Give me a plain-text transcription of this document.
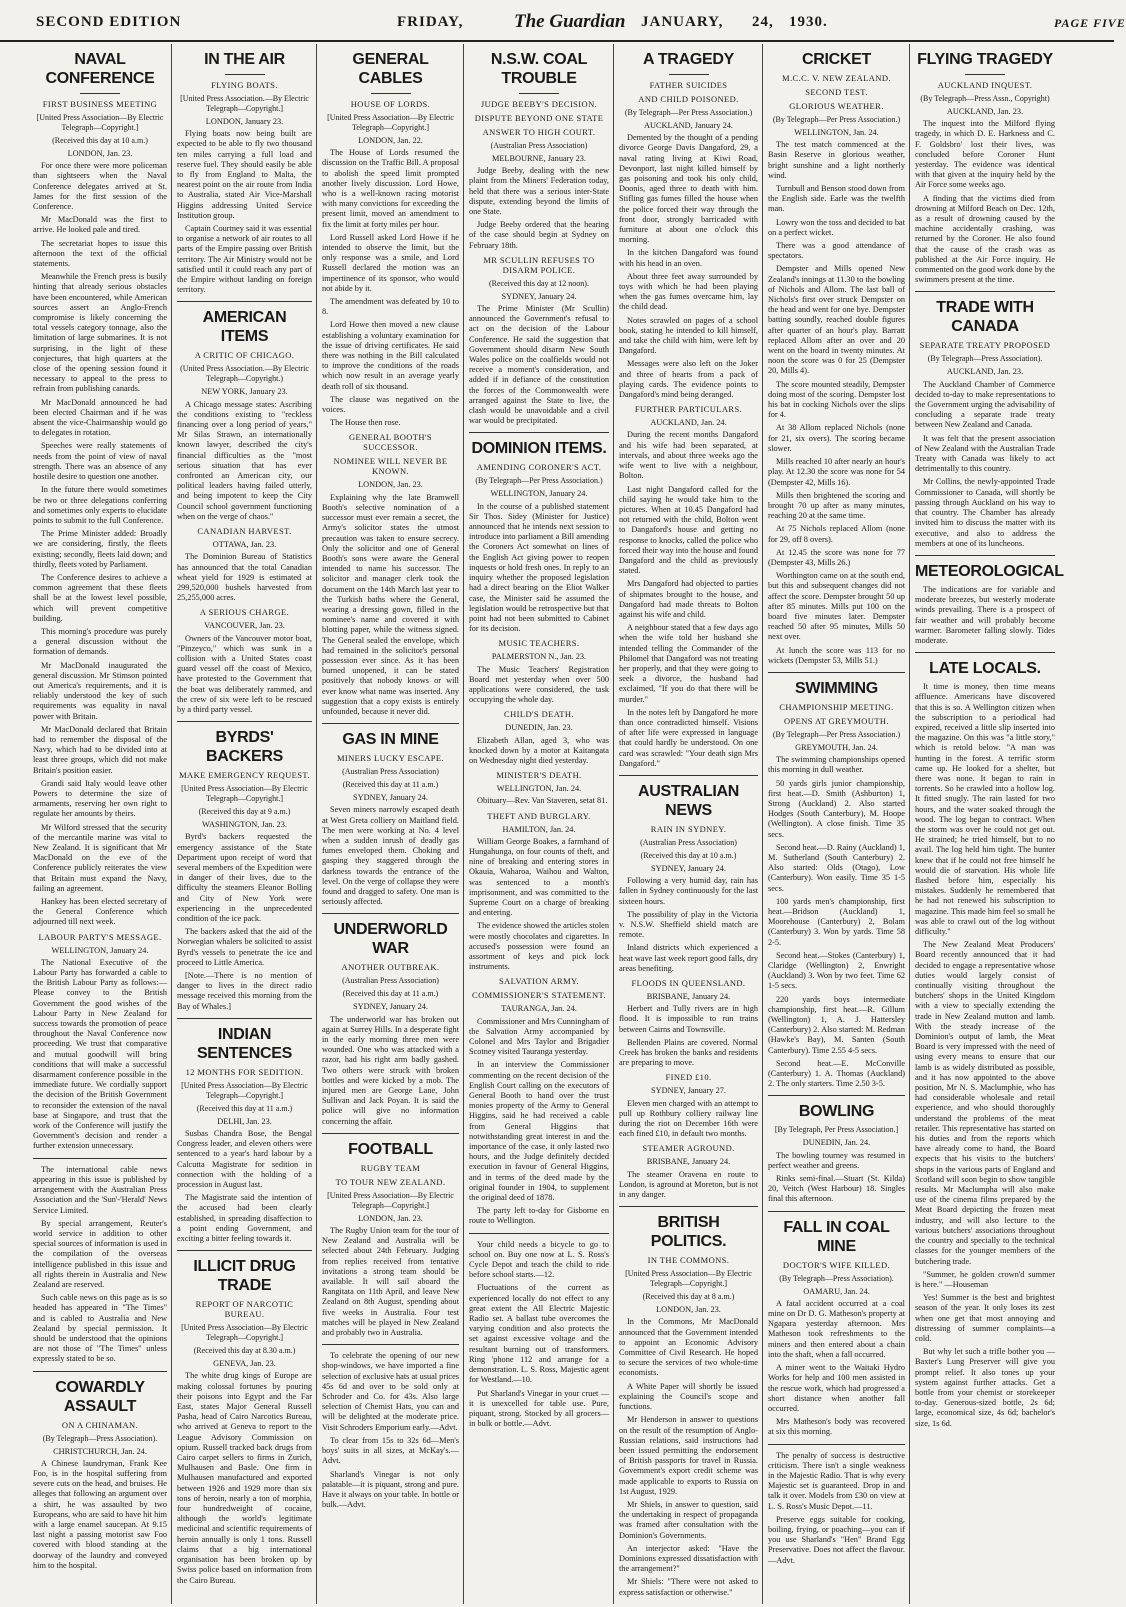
SECOND EDITION	FRIDAY,	The Guardian JANUARY, 24, 1930.	PAGE FIVE
NAVAL CONFERENCE
FIRST BUSINESS MEETING
[United Press Association—By Electric Telegraph—Copyright.]
(Received this day at 10 a.m.)
LONDON, Jan. 23.

For once there were more policeman than sightseers when the Naval Conference delegates arrived at St. James for the first session of the Conference.

Mr MacDonald was the first to arrive. He looked pale and tired.

The secretariat hopes to issue this afternoon the text of the official statements.

Meanwhile the French press is busily hinting that already serious obstacles have been encountered, while American sources assert an Anglo-French compromise is likely concerning the total vessels category tonnage, also the limitation of large submarines. It is not surprising, in the light of these conjectures, that high quarters at the close of the opening session found it necessary to appeal to the press to refrain from publishing canards.

Mr MacDonald announced he had been elected Chairman and if he was absent the vice-Chairmanship would go to delegates in rotation.

Speeches were really statements of needs from the point of view of naval strength. There was an absence of any hostile desire to question one another.

In the future there would sometimes be two or three delegations conferring and sometimes only experts to elucidate points to submit to the full Conference.

The Prime Minister added: Broadly we are considering, firstly, the fleets existing; secondly, fleets laid down; and thirdly, fleets voted by Parliament.

The Conference desires to achieve a common agreement that these fleets shall be at the lowest level possible, which will prevent competitive building.

This morning's procedure was purely a general discussion without the formation of demands.

Mr MacDonald inaugurated the general discussion. Mr Stimson pointed out America's requirements, and it is reliably understood the key of such requirements was equality in naval power with Britain.

Mr MacDonald declared that Britain had to remember the disposal of the Navy, which had to be divided into at least three groups, which did not make Britain's position easier.

Grandi said Italy would leave other Powers to determine the size of armaments, reserving her own right to regulate her amounts by theirs.

Mr Wilford stressed that the security of the mercantile marine was vital to New Zealand. It is significant that Mr MacDonald on the eve of the Conference publicly reiterates the view that Britain must expand the Navy, failing an agreement.

Hankey has been elected secretary of the General Conference which adjourned till next week.

LABOUR PARTY'S MESSAGE.
WELLINGTON, January 24.

The National Executive of the Labour Party has forwarded a cable to the British Labour Party as follows:— Please convey to the British Government the good wishes of the Labour Party in New Zealand for success towards the promotion of peace throughout the Naval Conference now proceeding. We trust that comparative and mutual goodwill will bring conditions that will make a successful disarmament conference possible in the immediate future. We cordially support the decision of the British Government to reconsider the extension of the naval base at Singapore, and trust that the work of the Conference will justify the Government's decision and render a further extension unnecessary.

The international cable news appearing in this issue is published by arrangement with the Australian Press Association and the 'Sun'-'Herald' News Service Limited.

By special arrangement, Reuter's world service in addition to other special sources of information is used in the compilation of the overseas intelligence published in this issue and all rights therein in Australia and New Zealand are reserved.

Such cable news on this page as is so headed has appeared in "The Times" and is cabled to Australia and New Zealand by special permission. It should be understood that the opinions are not those of "The Times" unless expressly stated to be so.

COWARDLY ASSAULT
ON A CHINAMAN.
(By Telegraph—Press Association).
CHRISTCHURCH, Jan. 24.

A Chinese laundryman, Frank Kee Foo, is in the hospital suffering from severe cuts on the head, and bruises. He alleges that following an argument over a shirt, he was assaulted by two Europeans, who are said to have hit him with a large enamel saucepan. At 9.15 last night a passing motorist saw Foo covered with blood standing at the doorway of the laundry and conveyed him to the hospital.

IN THE AIR
FLYING BOATS.
[United Press Association.—By Electric Telegraph—Copyright.]
LONDON, January 23.

Flying boats now being built are expected to be able to fly two thousand ten miles carrying a full load and reserve fuel. They should easily be able to fly from England to Malta, the nearest point on the air route from India to Australia, stated Air Vice-Marshall Higgins addressing United Service Institution group.

Captain Courtney said it was essential to organise a network of air routes to all parts of the Empire passing over British territory. The Air Ministry would not be satisfied until it could reach any part of the Empire without landing on foreign territory.

AMERICAN ITEMS
A CRITIC OF CHICAGO.
(United Press Association.—By Electric Telegraph—Copyright.)
NEW YORK, January 23.

A Chicago message states: Ascribing the conditions existing to "reckless financing over a long period of years," Mr Silas Strawn, an internationally known lawyer, described the city's financial difficulties as the "most serious situation that has ever confronted an American city, our political leaders having failed utterly, and being impotent to keep the City Council school government functioning when on the verge of chaos."

CANADIAN HARVEST.
OTTAWA, Jan. 23.

The Dominion Bureau of Statistics has announced that the total Canadian wheat yield for 1929 is estimated at 299,520,000 bushels harvested from 25,255,000 acres.

A SERIOUS CHARGE.
VANCOUVER, Jan. 23.

Owners of the Vancouver motor boat, "Pinzeyco," which was sunk in a collision with a United States coast guard vessel off the coast of Mexico, have protested to the Government that the boat was deliberately rammed, and the crew of six were left to be rescued by a third party vessel.

BYRDS' BACKERS
MAKE EMERGENCY REQUEST.
[United Press Association—By Electric Telegraph—Copyright.]
(Received this day at 9 a.m.)
WASHINGTON, Jan. 23.

Byrd's backers requested the emergency assistance of the State Department upon receipt of word that several members of the Expedition were in danger of their lives, due to the difficulty the steamers Eleanor Bolling and City of New York were experiencing in the unprecedented condition of the ice pack.

The backers asked that the aid of the Norwegian whalers be solicited to assist Byrd's vessels to penetrate the ice and proceed to Little America.

[Note.—There is no mention of danger to lives in the direct radio message received this morning from the Bay of Whales.]

INDIAN SENTENCES
12 MONTHS FOR SEDITION.
[United Press Association—By Electric Telegraph—Copyright.]
(Received this day at 11 a.m.)
DELHI, Jan. 23.

Susbas Chandra Bose, the Bengal Congress leader, and eleven others were sentenced to a year's hard labour by a Calcutta Magistrate for sedition in connection with the holding of a procession in August last.

The Magistrate said the intention of the accused had been clearly established, in spreading disaffection to a point ending Government, and exciting a bitter feeling towards it.

ILLICIT DRUG TRADE
REPORT OF NARCOTIC BUREAU.
[United Press Association—By Electric Telegraph—Copyright.]
(Received this day at 8.30 a.m.)
GENEVA, Jan. 23.

The white drug kings of Europe are making colossal fortunes by pouring their poisons into Egypt and the Far East, states Major General Russell Pasha, head of Cairo Narcotics Bureau, who arrived at Geneva to report to the League Advisory Commission on opium. Russell tracked back drugs from Cairo carpet sellers to firms in Zurich, Mulhausen and Basle. One firm in Mulhausen manufactured and exported between 1926 and 1929 more than six tons of heroin, nearly a ton of morphia, four hundredweight of cocaine, although the world's legitimate medicinal and scientific requirements of heroin annually is only 1 tons. Russell claims that a big international organisation has been broken up by Swiss police based on information from the Cairo Bureau.

GENERAL CABLES
HOUSE OF LORDS.
[United Press Association—By Electric Telegraph—Copyright.]
LONDON, Jan. 22.

The House of Lords resumed the discussion on the Traffic Bill. A proposal to abolish the speed limit prompted another lively discussion. Lord Howe, who is a well-known racing motorist with many convictions for exceeding the present limit, moved an amendment to fix the limit at forty miles per hour.

Lord Russell asked Lord Howe if he intended to observe the limit, but the only response was a smile, and Lord Russell declared the motion was an impertinence of its sponsor, who would not abide by it.

The amendment was defeated by 10 to 8.

Lord Howe then moved a new clause establishing a voluntary examination for the issue of driving certificates. He said there was nothing in the Bill calculated to improve the conditions of the roads which now result in an average yearly death roll of six thousand.

The clause was negatived on the voices.

The House then rose.

GENERAL BOOTH'S SUCCESSOR.
NOMINEE WILL NEVER BE KNOWN.
LONDON, Jan. 23.

Explaining why the late Bramwell Booth's selective nomination of a successor must ever remain a secret, the Army's solicitor states the utmost precaution was taken to ensure secrecy. Only the solicitor and one of General Booth's sons were aware the General intended to name his successor. The solicitor and manager clerk took the document on the 14th March last year to the Turkish baths where the General, wearing a dressing gown, filled in the nominee's name and covered it with blotting paper, while the witness signed. The General sealed the envelope, which had remained in the solicitor's personal possession ever since. As it has been burned unopened, it can be stated positively that nobody knows or will ever know what name was inserted. Any suggestion that a copy exists is entirely unfounded, because it never did.

GAS IN MINE
MINERS LUCKY ESCAPE.
(Australian Press Association)
(Received this day at 11 a.m.)
SYDNEY, January 24.

Seven miners narrowly escaped death at West Greta colliery on Maitland field. The men were working at No. 4 level when a sudden inrush of deadly gas fumes enveloped them. Choking and gasping they staggered through the darkness towards the entrance of the level. On the verge of collapse they were found and dragged to safety. One man is seriously affected.

UNDERWORLD WAR
ANOTHER OUTBREAK.
(Australian Press Association)
(Received this day at 11 a.m.)
SYDNEY, January 24.

The underworld war has broken out again at Surrey Hills. In a desperate fight in the early morning three men were wounded. One who was attacked with a razor, had his right arm badly gashed. Two others were struck with broken bottles and were kicked by a mob. The injured men are George Lane, John Sullivan and Jack Poyan. It is said the police will give no information concerning the affair.

FOOTBALL
RUGBY TEAM
TO TOUR NEW ZEALAND.
[United Press Association—By Electric Telegraph—Copyright.]
LONDON, Jan. 23.

The Rugby Union team for the tour of New Zealand and Australia will be selected about 24th February. Judging from replies received from tentative invitations a strong team should be available. It will sail aboard the Rangitata on 11th April, and leave New Zealand on 8th August, spending about five weeks in Australia. Four test matches will be played in New Zealand and probably two in Australia.

To celebrate the opening of our new shop-windows, we have imported a fine selection of exclusive hats at usual prices 45s 6d and over to be sold only at Schroder and Co. for 43s. Also large selection of Chemist Hats, you can and will be delighted at the moderate price. Visit Schroders Emporium early.—Advt.

To clear from 15s to 32s 6d—Men's boys' suits in all sizes, at McKay's.—Advt.

Sharland's Vinegar is not only palatable—it is piquant, strong and pure. Have it always on your table. In bottle or bulk.—Advt.

N.S.W. COAL TROUBLE
JUDGE BEEBY'S DECISION.
DISPUTE BEYOND ONE STATE
ANSWER TO HIGH COURT.
(Australian Press Association)
MELBOURNE, January 23.

Judge Beeby, dealing with the new plaint from the Miners' Federation today, held that there was a serious inter-State dispute, extending beyond the limits of one State.

Judge Beeby ordered that the hearing of the case should begin at Sydney on February 18th.

MR SCULLIN REFUSES TO DISARM POLICE.
(Received this day at 12 noon).
SYDNEY, January 24.

The Prime Minister (Mr Scullin) announced the Government's refusal to act on the decision of the Labour Conference. He said the suggestion that Government should disarm New South Wales police on the coalfields would not receive a moment's consideration, and added if in defiance of the constitution the forces of the Commonwealth were arranged against the State to live, the clash would be unavoidable and a civil war would be precipitated.

DOMINION ITEMS.
AMENDING CORONER'S ACT.
(By Telegraph—Per Press Association.)
WELLINGTON, January 24.

In the course of a published statement Sir Thos. Sidey (Minister for Justice) announced that he intends next session to introduce into parliament a Bill amending the Coroners Act somewhat on lines of the English Act giving power to reopen inquests or hold fresh ones. In reply to an inquiry whether the proposed legislation had a direct bearing on the Eliot Walker case, the Minister said he assumed the legislation would be retrospective but that point had not been submitted to Cabinet for its decision.

MUSIC TEACHERS.
PALMERSTON N., Jan. 23.

The Music Teachers' Registration Board met yesterday when over 500 applications were considered, the task occupying the whole day.

CHILD'S DEATH.
DUNEDIN, Jan. 23.

Elizabeth Allan, aged 3, who was knocked down by a motor at Kaitangata on Wednesday night died yesterday.

MINISTER'S DEATH.
WELLINGTON, Jan. 24.

Obituary—Rev. Van Staveren, setat 81.

THEFT AND BURGLARY.
HAMILTON, Jan. 24.

William George Boakes, a farmhand of Hungahunga, on four counts of theft, and nine of breaking and entering stores in Okauia, Waharoa, Waihou and Walton, was sentenced to a month's imprisonment, and was committed to the Supreme Court on a charge of breaking and entering.

The evidence showed the articles stolen were mostly chocolates and cigarettes. In accused's possession were found an assortment of keys and pick lock instruments.

SALVATION ARMY.
COMMISSIONER'S STATEMENT.
TAURANGA, Jan. 24.

Commissioner and Mrs Cunningham of the Salvation Army accompanied by Colonel and Mrs Taylor and Brigadier Scotney visited Tauranga yesterday.

In an interview the Commissioner commenting on the recent decision of the English Court calling on the executors of General Booth to hand over the trust monies property of the Army to General Higgins, said he had received a cable from General Higgins that notwithstanding great interest in and the importance of the case, it only lasted two hours, and the Judge definitely decided execution in favour of General Higgins, and in terms of the deed made by the original founder in 1904, to supplement the original deed of 1878.

The party left to-day for Gisborne en route to Wellington.

Your child needs a bicycle to go to school on. Buy one now at L. S. Ross's Cycle Depot and teach the child to ride before school starts.—12.

Fluctuations of the current as experienced locally do not effect to any great extent the All Electric Majestic Radio set. A ballast tube overcomes the varying condition and also protects the set against excessive voltage and the resultant burning out of transformers. Ring 'phone 112 and arrange for a demonstration. L. S. Ross, Majestic agent for Westland.—10.

Put Sharland's Vinegar in your cruet —it is unexcelled for table use. Pure, piquant, strong. Stocked by all grocers—in bulk or bottle.—Advt.

A TRAGEDY
FATHER SUICIDES
AND CHILD POISONED.
(By Telegraph—Per Press Association.)
AUCKLAND, January 24.

Demented by the thought of a pending divorce George Davis Dangaford, 29, a naval rating living at Kiwi Road, Devonport, last night killed himself by gas poisoning and took his only child, Doonis, aged three to death with him. Stifling gas fumes filled the house when the police forced their way through the front door, strongly barricaded with furniture at about one o'clock this morning.

In the kitchen Dangaford was found with his head in an oven.

About three feet away surrounded by toys with which he had been playing when the gas fumes overcame him, lay the child dead.

Notes scrawled on pages of a school book, stating he intended to kill himself, and take the child with him, were left by Dangaford.

Messages were also left on the Joker and three of hearts from a pack of playing cards. The evidence points to Dangaford's mind being deranged.

FURTHER PARTICULARS.
AUCKLAND, Jan. 24.

During the recent months Dangaford and his wife had been separated, at intervals, and about three weeks ago the wife went to live with a neighbour, Bolton.

Last night Dangaford called for the child saying he would take him to the pictures. When at 10.45 Dangaford had not returned with the child, Bolton went to Dangaford's house and getting no response to knocks, called the police who forced their way into the house and found Dangaford and the child as previously stated.

Mrs Dangaford had objected to parties of shipmates brought to the house, and Dangaford had made threats to Bolton against his wife and child.

A neighbour stated that a few days ago when the wife told her husband she intended telling the Commander of the Philomel that Dangaford was not treating her properly, and that they were going to seek a divorce, the husband had exclaimed, "If you do that there will be murder."

In the notes left by Dangaford he more than once contradicted himself. Visions of after life were expressed in language that could hardly be understood. On one card was scrawled: "Your death sign Mrs Dangaford."

AUSTRALIAN NEWS
RAIN IN SYDNEY.
(Australian Press Association)
(Received this day at 10 a.m.)
SYDNEY, January 24.

Following a very humid day, rain has fallen in Sydney continuously for the last sixteen hours.

The possibility of play in the Victoria v. N.S.W. Sheffield shield match are remote.

Inland districts which experienced a heat wave last week report good falls, dry areas benefiting.

FLOODS IN QUEENSLAND.
BRISBANE, January 24.

Herbert and Tully rivers are in high flood. It is impossible to run trains between Cairns and Townsville.

Bellenden Plains are covered. Normal Creek has broken the banks and residents are preparing to move.

FINED £10.
SYDNEY, January 27.

Eleven men charged with an attempt to pull up Rothbury colliery railway line during the riot on December 16th were each fined £10, in default two months.

STEAMER AGROUND.
BRISBANE, January 24.

The steamer Oravena en route to London, is aground at Moreton, but is not in any danger.

BRITISH POLITICS.
IN THE COMMONS.
[United Press Association—By Electric Telegraph—Copyright.]
(Received this day at 8 a.m.)
LONDON, Jan. 23.

In the Commons, Mr MacDonald announced that the Government intended to appoint an Economic Advisory Committee of Civil Research. He hoped to secure the services of two whole-time economists.

A White Paper will shortly be issued explaining the Council's scope and functions.

Mr Henderson in answer to questions on the result of the resumption of Anglo-Russian relations, said instructions had been issued permitting the endorsement of British passports for travel in Russia. Government's export credit scheme was made applicable to exports to Russia on 1st August, 1929.

Mr Shiels, in answer to question, said the undertaking in respect of propaganda was framed after consultation with the Dominion's Governments.

An interjector asked: "Have the Dominions expressed dissatisfaction with the arrangement?"

Mr Shiels: "There were not asked to express satisfaction or otherwise."

CRICKET
M.C.C. V. NEW ZEALAND.
SECOND TEST.
GLORIOUS WEATHER.
(By Telegraph—Per Press Association.)
WELLINGTON, Jan. 24.

The test match commenced at the Basin Reserve in glorious weather, bright sunshine and a light northerly wind.

Turnbull and Benson stood down from the English side. Earle was the twelfth man.

Lowry won the toss and decided to bat on a perfect wicket.

There was a good attendance of spectators.

Dempster and Mills opened New Zealand's innings at 11.30 to the bowling of Nichols and Allom. The last ball of Nichols's first over struck Dempster on the head and went for one bye. Dempster batting soundly, reached double figures after quarter of an hour's play. Barratt replaced Allom after an over and 20 went on the board in twenty minutes. At noon the score was 0 for 25 (Dempster 20, Mills 4).

The score mounted steadily, Dempster doing most of the scoring. Dempster lost his bat in cocking Nichols over the slips for 4.

At 38 Allom replaced Nichols (none for 21, six overs). The scoring became slower.

Mills reached 10 after nearly an hour's play. At 12.30 the score was none for 54 (Dempster 42, Mills 16).

Mills then brightened the scoring and brought 70 up after as many minutes, reaching 20 at the same time.

At 75 Nichols replaced Allom (none for 29, off 8 overs).

At 12.45 the score was none for 77 (Dempster 43, Mills 26.)

Worthington came on at the south end, but this and subsequent changes did not affect the score. Dempster brought 50 up after 85 minutes. Mills put 100 on the board five minutes later. Dempster reached 50 after 95 minutes, Mills 50 next over.

At lunch the score was 113 for no wickets (Dempster 53, Mills 51.)

SWIMMING
CHAMPIONSHIP MEETING.
OPENS AT GREYMOUTH.
(By Telegraph—Per Press Association.)
GREYMOUTH, Jan. 24.

The swimming championships opened this morning in dull weather.

50 yards girls junior championship, first heat.—D. Smith (Ashburton) 1, Strong (Auckland) 2. Also started Hodges (South Canterbury), M. Hoope (Wellington). A close finish. Time 35 secs.

Second heat.—D. Rainy (Auckland) 1, M. Sutherland (South Canterbury) 2. Also started: Olds (Otago), Low (Canterbury). Won easily. Time 35 1-5 secs.

100 yards men's championship, first heat.—Bridson (Auckland) 1, Moorehouse (Canterbury) 2, Bolam (Canterbury) 3. Won by yards. Time 58 2-5.

Second heat.—Stokes (Canterbury) 1, Claridge (Wellington) 2, Enwright (Auckland) 3. Won by two feet. Time 62 1-5 secs.

220 yards boys intermediate championship, first heat.—R. Gillum (Wellington) 1, A. J. Hattersley (Canterbury) 2. Also started: M. Redman (Hawke's Bay), M. Santen (South Canterbury). Time 2.55 4-5 secs.

Second heat.—E. McConville (Canterbury) 1. A. Thomas (Auckland) 2. The only starters. Time 2.50 3-5.

BOWLING
[By Telegraph, Per Press Association.]
DUNEDIN, Jan. 24.

The bowling tourney was resumed in perfect weather and greens.

Rinks semi-final.—Stuart (St. Kilda) 20, Veitch (West Harbour) 18. Singles final this afternoon.

FALL IN COAL MINE
DOCTOR'S WIFE KILLED.
(By Telegraph—Press Association).
OAMARU, Jan. 24.

A fatal accident occurred at a coal mine on Dr D. G. Matheson's property at Ngapara yesterday afternoon. Mrs Matheson took refreshments to the miners and then entered about a chain into the shaft, when a fall occurred.

A miner went to the Waitaki Hydro Works for help and 100 men assisted in the rescue work, which had progressed a short distance when another fall occurred.

Mrs Matheson's body was recovered at six this morning.

The penalty of success is destructive criticism. There isn't a single weakness in the Majestic Radio. That is why every Majestic set is guaranteed. Drop in and talk it over. Models from £30 on view at L. S. Ross's Music Depot.—11.

Preserve eggs suitable for cooking, boiling, frying, or poaching—you can if you use Sharland's "Hen" Brand Egg Preservative. Does not affect the flavour.—Advt.

FLYING TRAGEDY
AUCKLAND INQUEST.
(By Telegraph—Press Assn., Copyright)
AUCKLAND, Jan. 23.

The inquest into the Milford flying tragedy, in which D. E. Harkness and C. F. Goldsbro' lost their lives, was concluded before Coroner Hunt yesterday. The evidence was identical with that given at the inquiry held by the Air Force some weeks ago.

A finding that the victims died from drowning at Milford Beach on Dec. 12th, as a result of drowning caused by the machine accidentally crashing, was returned by the Coroner. He also found that the cause of the crash was as published at the Air Force inquiry. He commented on the good work done by the swimmers present at the time.

TRADE WITH CANADA
SEPARATE TREATY PROPOSED
(By Telegraph—Press Association).
AUCKLAND, Jan. 23.

The Auckland Chamber of Commerce decided to-day to make representations to the Government urging the advisability of concluding a separate trade treaty between New Zealand and Canada.

It was felt that the present association of New Zealand with the Australian Trade Treaty with Canada was likely to act detrimentally to this country.

Mr Collins, the newly-appointed Trade Commissioner to Canada, will shortly be passing through Auckland on his way to that country. The Chamber has already invited him to discuss the matter with its executive, and also to address the members at one of its luncheons.

METEOROLOGICAL

The indications are for variable and moderate breezes, but westerly moderate winds prevailing. There is a prospect of fair weather and will probably become warmer. Barometer falling slowly. Tides moderate.

LATE LOCALS.

It time is money, then time means affluence. Americans have discovered that this is so. A Wellington citizen when the subscription to a periodical had expired, received a little slip inserted into the magazine. On this was "a little story," which is retold below. "A man was hunting in the forest. A terrific storm came up. He looked for a shelter, but there was none. It began to rain in torrents. So he crawled into a hollow log. It fitted snugly. The rain lasted for two hours, and the water soaked through the wood. The log began to contract. When the storm was over he could not get out. He strained; he tried himself, but to no avail. The log held him tight. The hunter knew that if he could not free himself he would die of starvation. His whole life flashed before him, especially his mistakes. Suddenly he remembered that he had not renewed his subscription to magazine. This made him feel so small he was able to crawl out of the log without difficulty."

The New Zealand Meat Producers' Board recently announced that it had decided to engage a representative whose duties would largely consist of continually visiting throughout the butchers' shops in the United Kingdom with a view to specially extending the trade in New Zealand mutton and lamb. With the steady increase of the Dominion's output of lamb, the Meat Board is very impressed with the need of using every means to ensure that our lamb is as widely distributed as possible, and it has now appointed to the above position, Mr N. S. Maclumphie, who has had considerable wholesale and retail experience, and who should thoroughly understand the problems of the meat retailer. This representative has started on his duties and from the reports which have already come to hand, the Board expects that his visits to the butchers' shops in the various parts of England and Scotland will soon begin to show tangible results. Mr Maclumpha will also make use of the cinema films prepared by the Meat Board depicting the frozen meat industry, and will also lecture to the various butchers' associations throughout the country and specially to the technical classes for the younger members of the butchering trade.

"Summer, he golden crown'd summer is here." —Houseman

Yes! Summer is the best and brightest season of the year. It only loses its zest when one get that most annoying and distressing of summer complaints—a cold.

But why let such a trifle bother you — Baxter's Lung Preserver will give you prompt relief. It also tones up your system against further attacks. Get a bottle from your chemist or storekeeper to-day. Generous-sized bottle, 2s 6d; large, economical size, 4s 6d; bachelor's size, 1s 6d.
